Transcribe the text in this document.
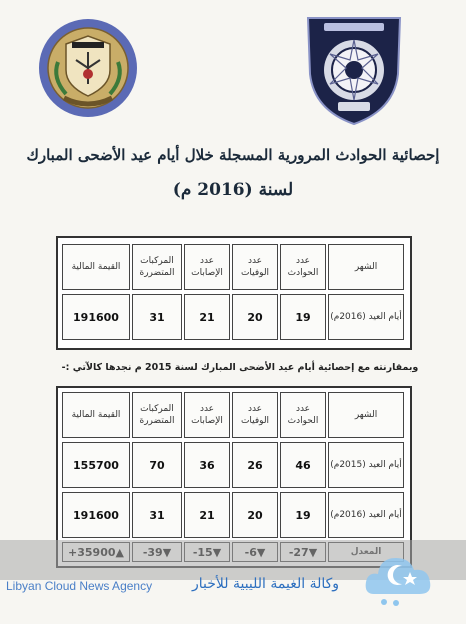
إحصائية الحوادث المرورية المسجلة خلال أيام عيد الأضحى المبارك
لسنة (2016 م)
الشهر
عدد الحوادث
عدد الوفيات
عدد الإصابات
المركبات المتضررة
القيمة المالية
أيام العيد (2016م)
19
20
21
31
191600
وبمقارنته مع إحصائية أيام عيد الأضحى المبارك لسنة 2015 م نجدها كالآتي :-
الشهر
عدد الحوادث
عدد الوفيات
عدد الإصابات
المركبات المتضررة
القيمة المالية
أيام العيد (2015م)
46
26
36
70
155700
أيام العيد (2016م)
19
20
21
31
191600
Libyan Cloud News Agency	وكالة الغيمة الليبية للأخبار
